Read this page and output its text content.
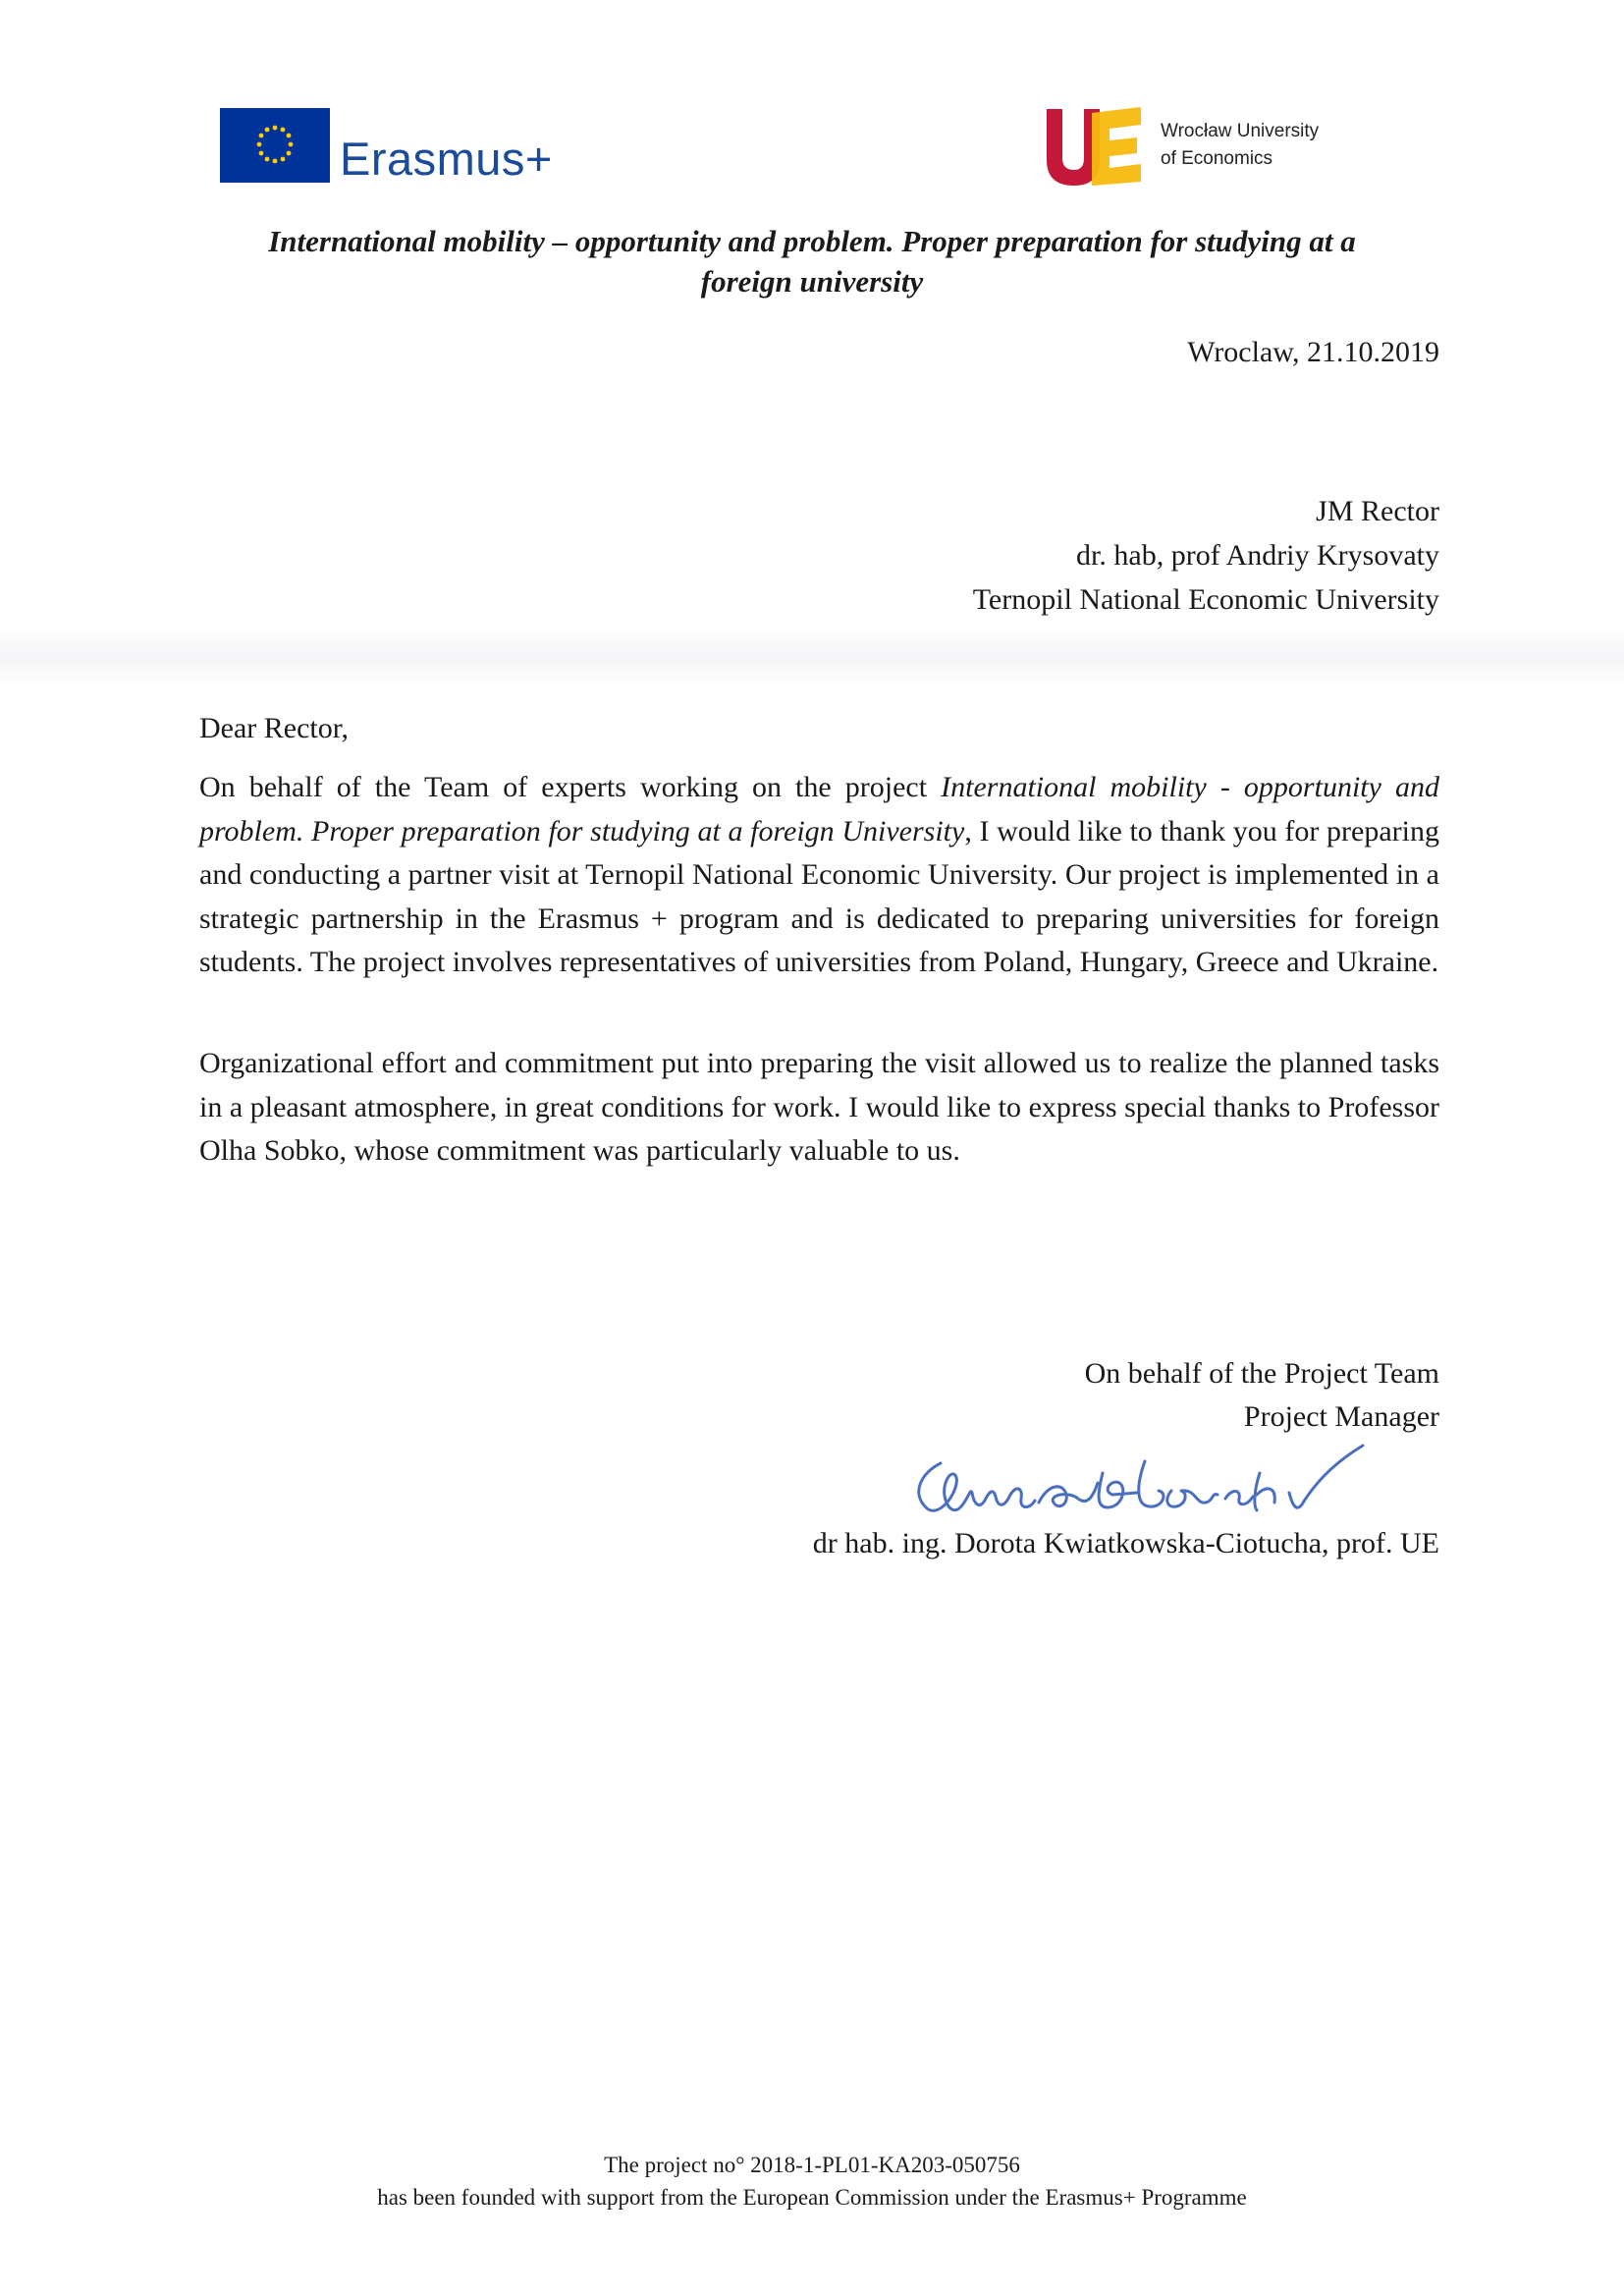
Erasmus+
Wrocław University
of Economics
International mobility – opportunity and problem. Proper preparation for studying at a
foreign university
Wroclaw, 21.10.2019
JM Rector
dr. hab, prof Andriy Krysovaty
Ternopil National Economic University
Dear Rector,
On behalf of the Team of experts working on the project International mobility - opportunity and problem. Proper preparation for studying at a foreign University, I would like to thank you for preparing and conducting a partner visit at Ternopil National Economic University. Our project is implemented in a strategic partnership in the Erasmus + program and is dedicated to preparing universities for foreign students. The project involves representatives of universities from Poland, Hungary, Greece and Ukraine.
Organizational effort and commitment put into preparing the visit allowed us to realize the planned tasks in a pleasant atmosphere, in great conditions for work. I would like to express special thanks to Professor Olha Sobko, whose commitment was particularly valuable to us.
On behalf of the Project Team
Project Manager
dr hab. ing. Dorota Kwiatkowska-Ciotucha, prof. UE
The project no° 2018-1-PL01-KA203-050756
has been founded with support from the European Commission under the Erasmus+ Programme
